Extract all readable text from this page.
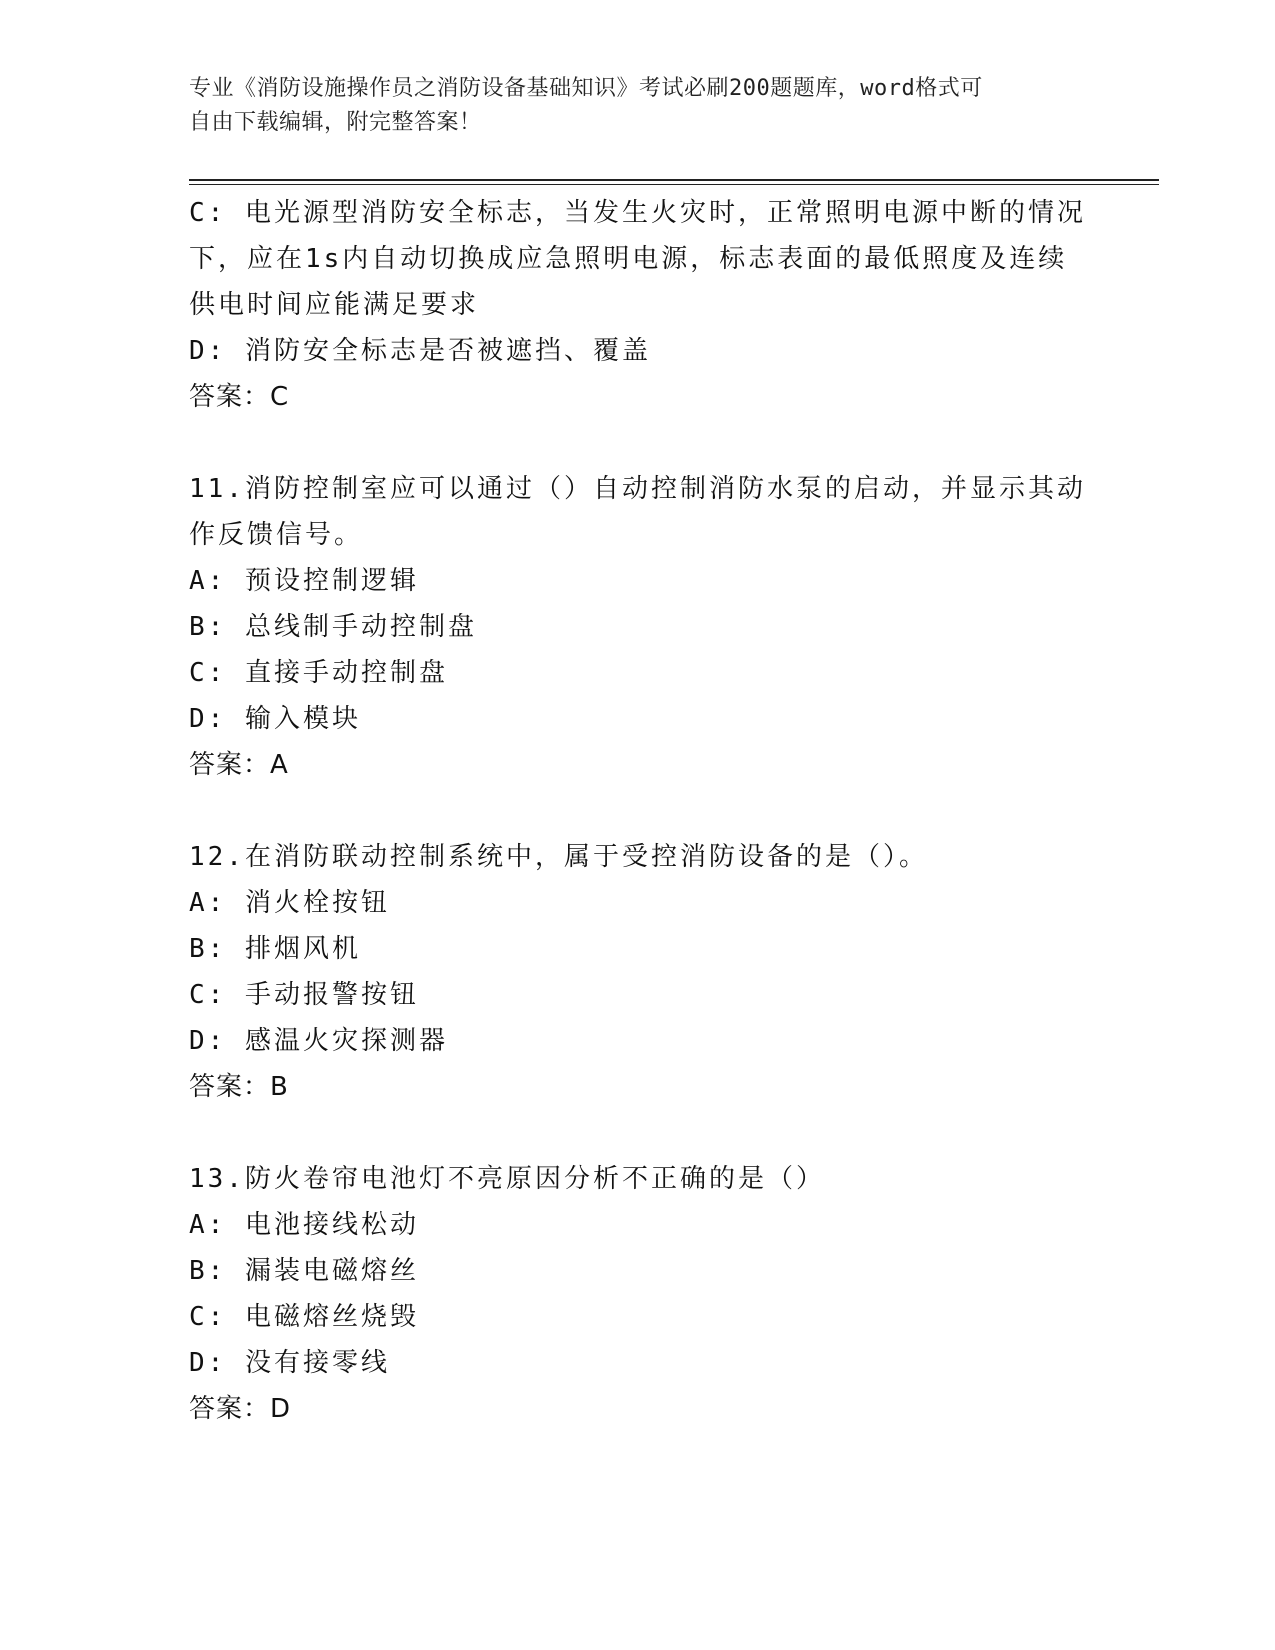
专业《消防设施操作员之消防设备基础知识》考试必刷200题题库，word格式可
自由下载编辑，附完整答案！

C: 电光源型消防安全标志，当发生火灾时，正常照明电源中断的情况

下，应在1s内自动切换成应急照明电源，标志表面的最低照度及连续

供电时间应能满足要求

D: 消防安全标志是否被遮挡、覆盖

答案：C

11.消防控制室应可以通过（）自动控制消防水泵的启动，并显示其动

作反馈信号。

A: 预设控制逻辑

B: 总线制手动控制盘

C: 直接手动控制盘

D: 输入模块

答案：A

12.在消防联动控制系统中，属于受控消防设备的是（）。

A: 消火栓按钮

B: 排烟风机

C: 手动报警按钮

D: 感温火灾探测器

答案：B

13.防火卷帘电池灯不亮原因分析不正确的是（）

A: 电池接线松动

B: 漏装电磁熔丝

C: 电磁熔丝烧毁

D: 没有接零线

答案：D
